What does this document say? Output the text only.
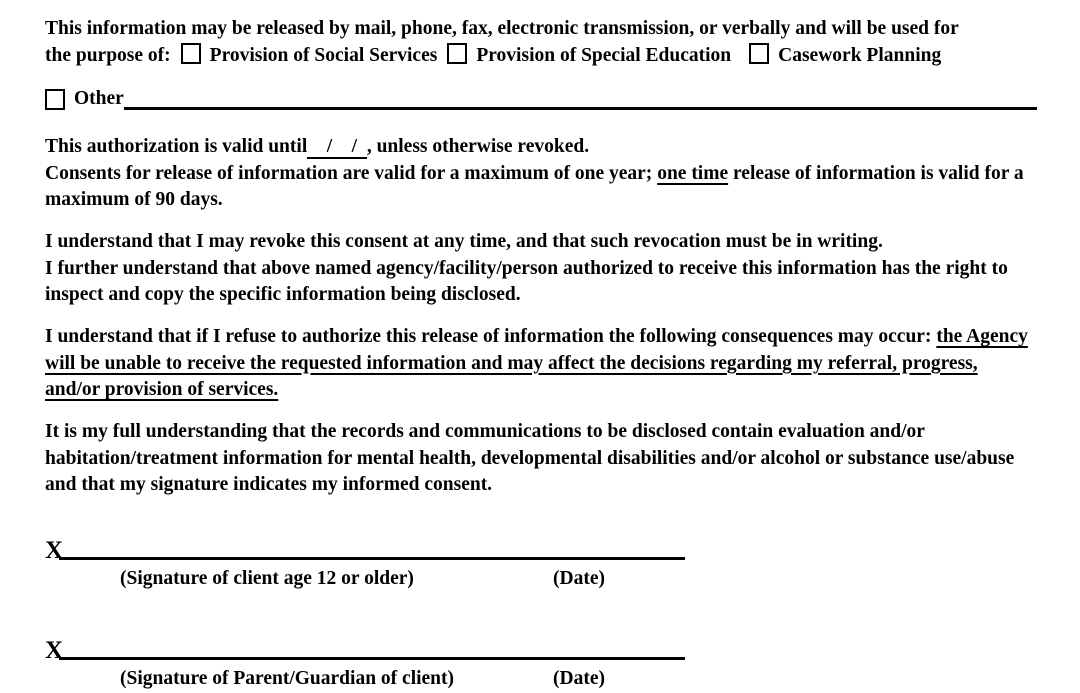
This information may be released by mail, phone, fax, electronic transmission, or verbally and will be used for
the purpose of: Provision of Social Services Provision of Special Education Casework Planning
Other
This authorization is valid until    /    /  , unless otherwise revoked.
Consents for release of information are valid for a maximum of one year; one time release of information is valid for a maximum of 90 days.
I understand that I may revoke this consent at any time, and that such revocation must be in writing.
I further understand that above named agency/facility/person authorized to receive this information has the right to inspect and copy the specific information being disclosed.
I understand that if I refuse to authorize this release of information the following consequences may occur: the Agency will be unable to receive the requested information and may affect the decisions regarding my referral, progress, and/or provision of services.
It is my full understanding that the records and communications to be disclosed contain evaluation and/or habitation/treatment information for mental health, developmental disabilities and/or alcohol or substance use/abuse and that my signature indicates my informed consent.
X
(Signature of client age 12 or older)	(Date)
X
(Signature of Parent/Guardian of client)	(Date)
